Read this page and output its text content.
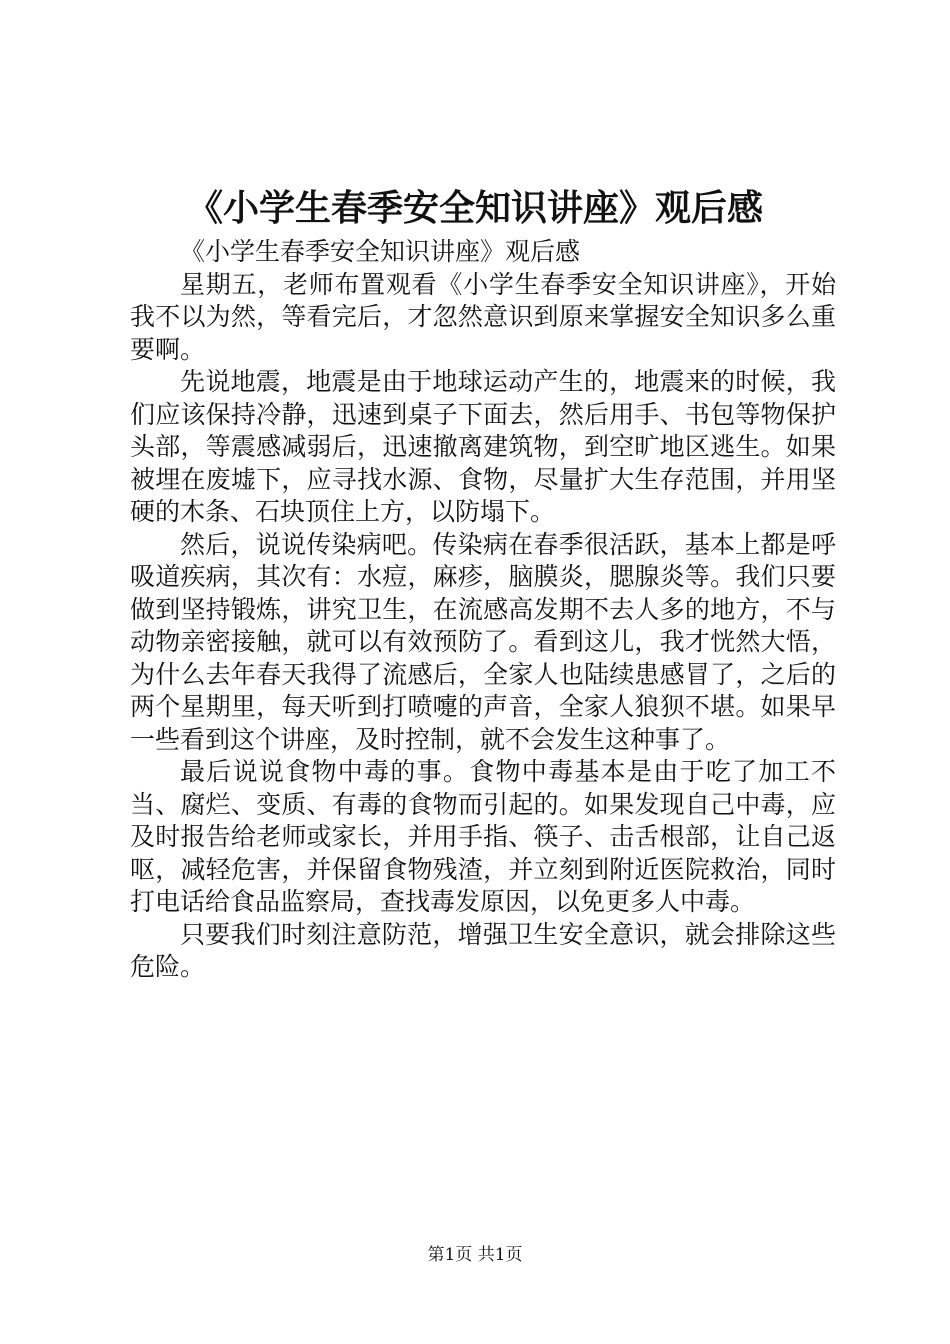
《小学生春季安全知识讲座》观后感

《小学生春季安全知识讲座》观后感

星期五，老师布置观看《小学生春季安全知识讲座》，开始我不以为然，等看完后，才忽然意识到原来掌握安全知识多么重要啊。

先说地震，地震是由于地球运动产生的，地震来的时候，我们应该保持冷静，迅速到桌子下面去，然后用手、书包等物保护头部，等震感减弱后，迅速撤离建筑物，到空旷地区逃生。如果被埋在废墟下，应寻找水源、食物，尽量扩大生存范围，并用坚硬的木条、石块顶住上方，以防塌下。

然后，说说传染病吧。传染病在春季很活跃，基本上都是呼吸道疾病，其次有：水痘，麻疹，脑膜炎，腮腺炎等。我们只要做到坚持锻炼，讲究卫生，在流感高发期不去人多的地方，不与动物亲密接触，就可以有效预防了。看到这儿，我才恍然大悟，为什么去年春天我得了流感后，全家人也陆续患感冒了，之后的两个星期里，每天听到打喷嚏的声音，全家人狼狈不堪。如果早一些看到这个讲座，及时控制，就不会发生这种事了。

最后说说食物中毒的事。食物中毒基本是由于吃了加工不当、腐烂、变质、有毒的食物而引起的。如果发现自己中毒，应及时报告给老师或家长，并用手指、筷子、击舌根部，让自己返呕，减轻危害，并保留食物残渣，并立刻到附近医院救治，同时打电话给食品监察局，查找毒发原因，以免更多人中毒。

只要我们时刻注意防范，增强卫生安全意识，就会排除这些危险。

第1页 共1页
